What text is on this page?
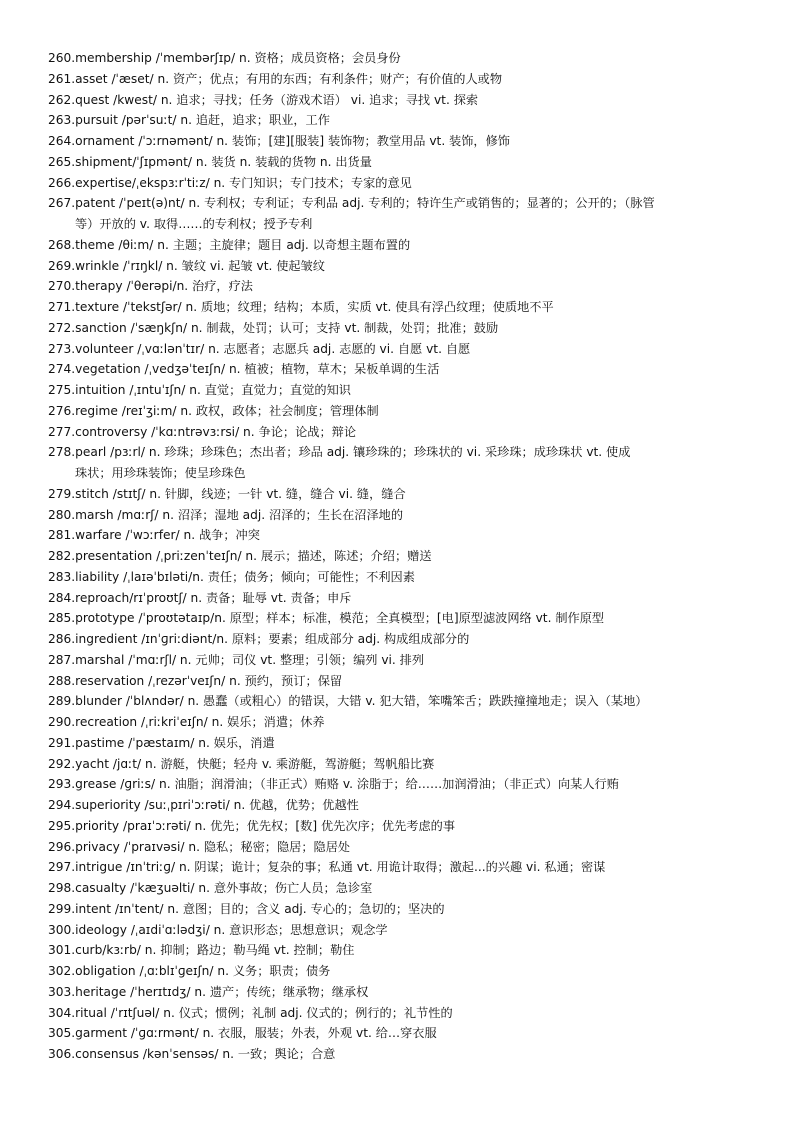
260.membership /ˈmembərʃɪp/ n. 资格；成员资格；会员身份
261.asset /ˈæset/ n. 资产；优点；有用的东西；有利条件；财产；有价值的人或物
262.quest /kwest/ n. 追求；寻找；任务（游戏术语） vi. 追求；寻找 vt. 探索
263.pursuit /pərˈsuːt/ n. 追赶，追求；职业，工作
264.ornament /ˈɔːrnəmənt/ n. 装饰；[建][服装] 装饰物；教堂用品 vt. 装饰，修饰
265.shipment/ˈʃɪpmənt/ n. 装货 n. 装载的货物 n. 出货量
266.expertise/ˌekspɜːrˈtiːz/ n. 专门知识；专门技术；专家的意见
267.patent /ˈpeɪt(ə)nt/ n. 专利权；专利证；专利品 adj. 专利的；特许生产或销售的；显著的；公开的；（脉管
等）开放的 v. 取得……的专利权；授予专利
268.theme /θiːm/ n. 主题；主旋律；题目 adj. 以奇想主题布置的
269.wrinkle /ˈrɪŋkl/ n. 皱纹 vi. 起皱 vt. 使起皱纹
270.therapy /ˈθerəpi/n. 治疗，疗法
271.texture /ˈtekstʃər/ n. 质地；纹理；结构；本质，实质 vt. 使具有浮凸纹理；使质地不平
272.sanction /ˈsæŋkʃn/ n. 制裁，处罚；认可；支持 vt. 制裁，处罚；批准；鼓励
273.volunteer /ˌvɑːlənˈtɪr/ n. 志愿者；志愿兵 adj. 志愿的 vi. 自愿 vt. 自愿
274.vegetation /ˌvedʒəˈteɪʃn/ n. 植被；植物，草木；呆板单调的生活
275.intuition /ˌɪntuˈɪʃn/ n. 直觉；直觉力；直觉的知识
276.regime /reɪˈʒiːm/ n. 政权，政体；社会制度；管理体制
277.controversy /ˈkɑːntrəvɜːrsi/ n. 争论；论战；辩论
278.pearl /pɜːrl/ n. 珍珠；珍珠色；杰出者；珍品 adj. 镶珍珠的；珍珠状的 vi. 采珍珠；成珍珠状 vt. 使成
珠状；用珍珠装饰；使呈珍珠色
279.stitch /stɪtʃ/ n. 针脚，线迹；一针 vt. 缝，缝合 vi. 缝，缝合
280.marsh /mɑːrʃ/ n. 沼泽；湿地 adj. 沼泽的；生长在沼泽地的
281.warfare /ˈwɔːrfer/ n. 战争；冲突
282.presentation /ˌpriːzenˈteɪʃn/ n. 展示；描述，陈述；介绍；赠送
283.liability /ˌlaɪəˈbɪləti/n. 责任；债务；倾向；可能性；不利因素
284.reproach/rɪˈproʊtʃ/ n. 责备；耻辱 vt. 责备；申斥
285.prototype /ˈproʊtətaɪp/n. 原型；样本；标准，模范；全真模型；[电]原型滤波网络 vt. 制作原型
286.ingredient /ɪnˈɡriːdiənt/n. 原料；要素；组成部分 adj. 构成组成部分的
287.marshal /ˈmɑːrʃl/ n. 元帅；司仪 vt. 整理；引领；编列 vi. 排列
288.reservation /ˌrezərˈveɪʃn/ n. 预约，预订；保留
289.blunder /ˈblʌndər/ n. 愚蠢（或粗心）的错误，大错 v. 犯大错，笨嘴笨舌；跌跌撞撞地走；误入（某地）
290.recreation /ˌriːkriˈeɪʃn/ n. 娱乐；消遣；休养
291.pastime /ˈpæstaɪm/ n. 娱乐，消遣
292.yacht /jɑːt/ n. 游艇，快艇；轻舟 v. 乘游艇，驾游艇；驾帆船比赛
293.grease /ɡriːs/ n. 油脂；润滑油；（非正式）贿赂 v. 涂脂于；给……加润滑油；（非正式）向某人行贿
294.superiority /suːˌpɪriˈɔːrəti/ n. 优越，优势；优越性
295.priority /praɪˈɔːrəti/ n. 优先；优先权；[数] 优先次序；优先考虑的事
296.privacy /ˈpraɪvəsi/ n. 隐私；秘密；隐居；隐居处
297.intrigue /ɪnˈtriːɡ/ n. 阴谋；诡计；复杂的事；私通 vt. 用诡计取得；激起...的兴趣 vi. 私通；密谋
298.casualty /ˈkæʒuəlti/ n. 意外事故；伤亡人员；急诊室
299.intent /ɪnˈtent/ n. 意图；目的；含义 adj. 专心的；急切的；坚决的
300.ideology /ˌaɪdiˈɑːlədʒi/ n. 意识形态；思想意识；观念学
301.curb/kɜːrb/ n. 抑制；路边；勒马绳 vt. 控制；勒住
302.obligation /ˌɑːblɪˈɡeɪʃn/ n. 义务；职责；债务
303.heritage /ˈherɪtɪdʒ/ n. 遗产；传统；继承物；继承权
304.ritual /ˈrɪtʃuəl/ n. 仪式；惯例；礼制 adj. 仪式的；例行的；礼节性的
305.garment /ˈɡɑːrmənt/ n. 衣服，服装；外表，外观 vt. 给…穿衣服
306.consensus /kənˈsensəs/ n. 一致；舆论；合意
